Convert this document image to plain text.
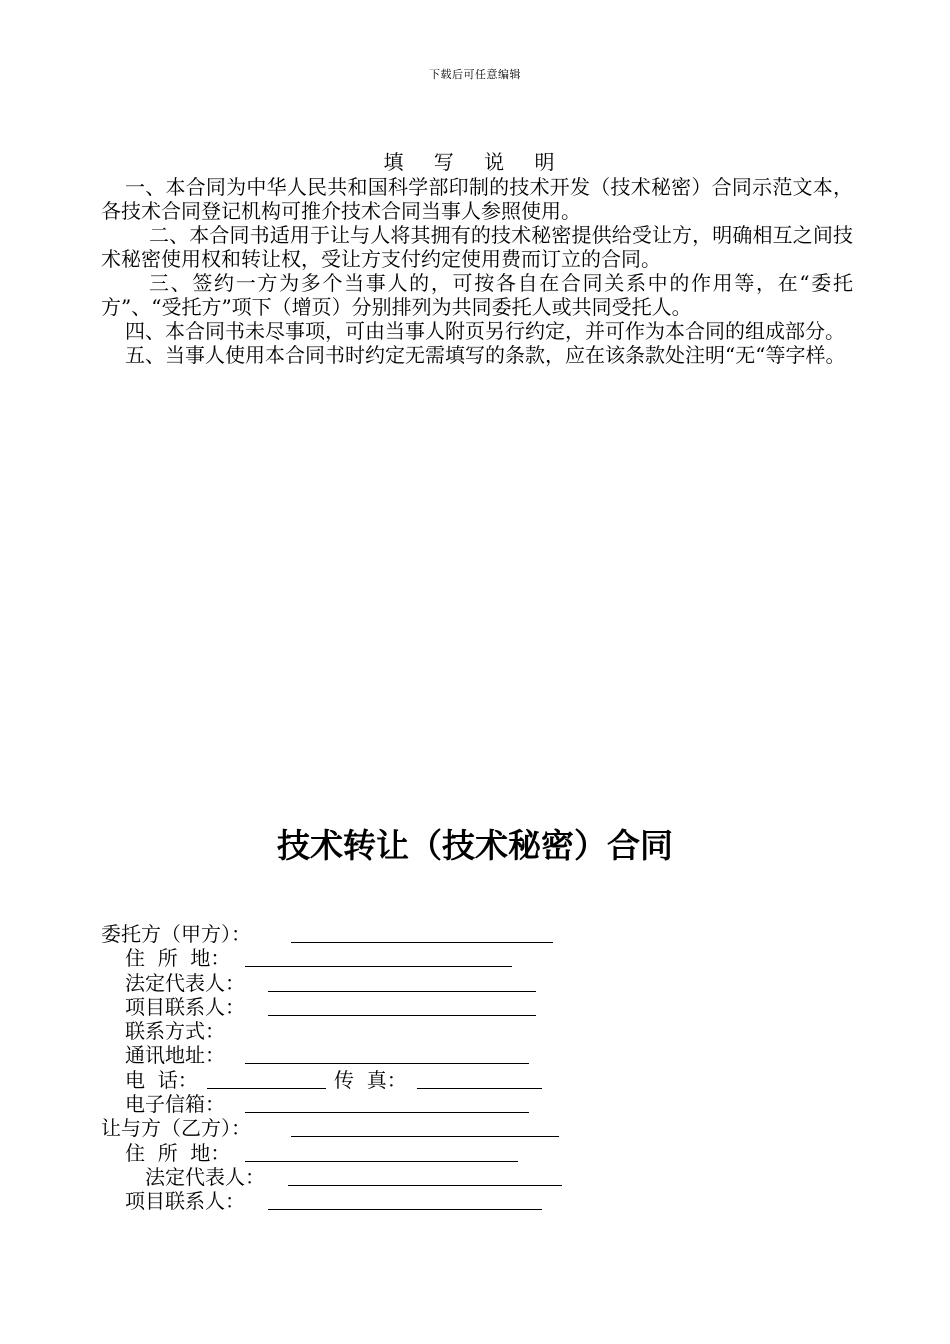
下载后可任意编辑
填 写 说 明

一、本合同为中华人民共和国科学部印制的技术开发（技术秘密）合同示范文本，各技术合同登记机构可推介技术合同当事人参照使用。

二、本合同书适用于让与人将其拥有的技术秘密提供给受让方，明确相互之间技术秘密使用权和转让权，受让方支付约定使用费而订立的合同。

三、签约一方为多个当事人的，可按各自在合同关系中的作用等，在“委托方”、“受托方”项下（增页）分别排列为共同委托人或共同受托人。

四、本合同书未尽事项，可由当事人附页另行约定，并可作为本合同的组成部分。

五、当事人使用本合同书时约定无需填写的条款，应在该条款处注明“无“等字样。

技术转让（技术秘密）合同
委托方（甲方）：
住  所  地：
法定代表人：
项目联系人：
联系方式：
通讯地址：
电  话：	传  真：
电子信箱：
让与方（乙方）：
住  所  地：
法定代表人：
项目联系人：
